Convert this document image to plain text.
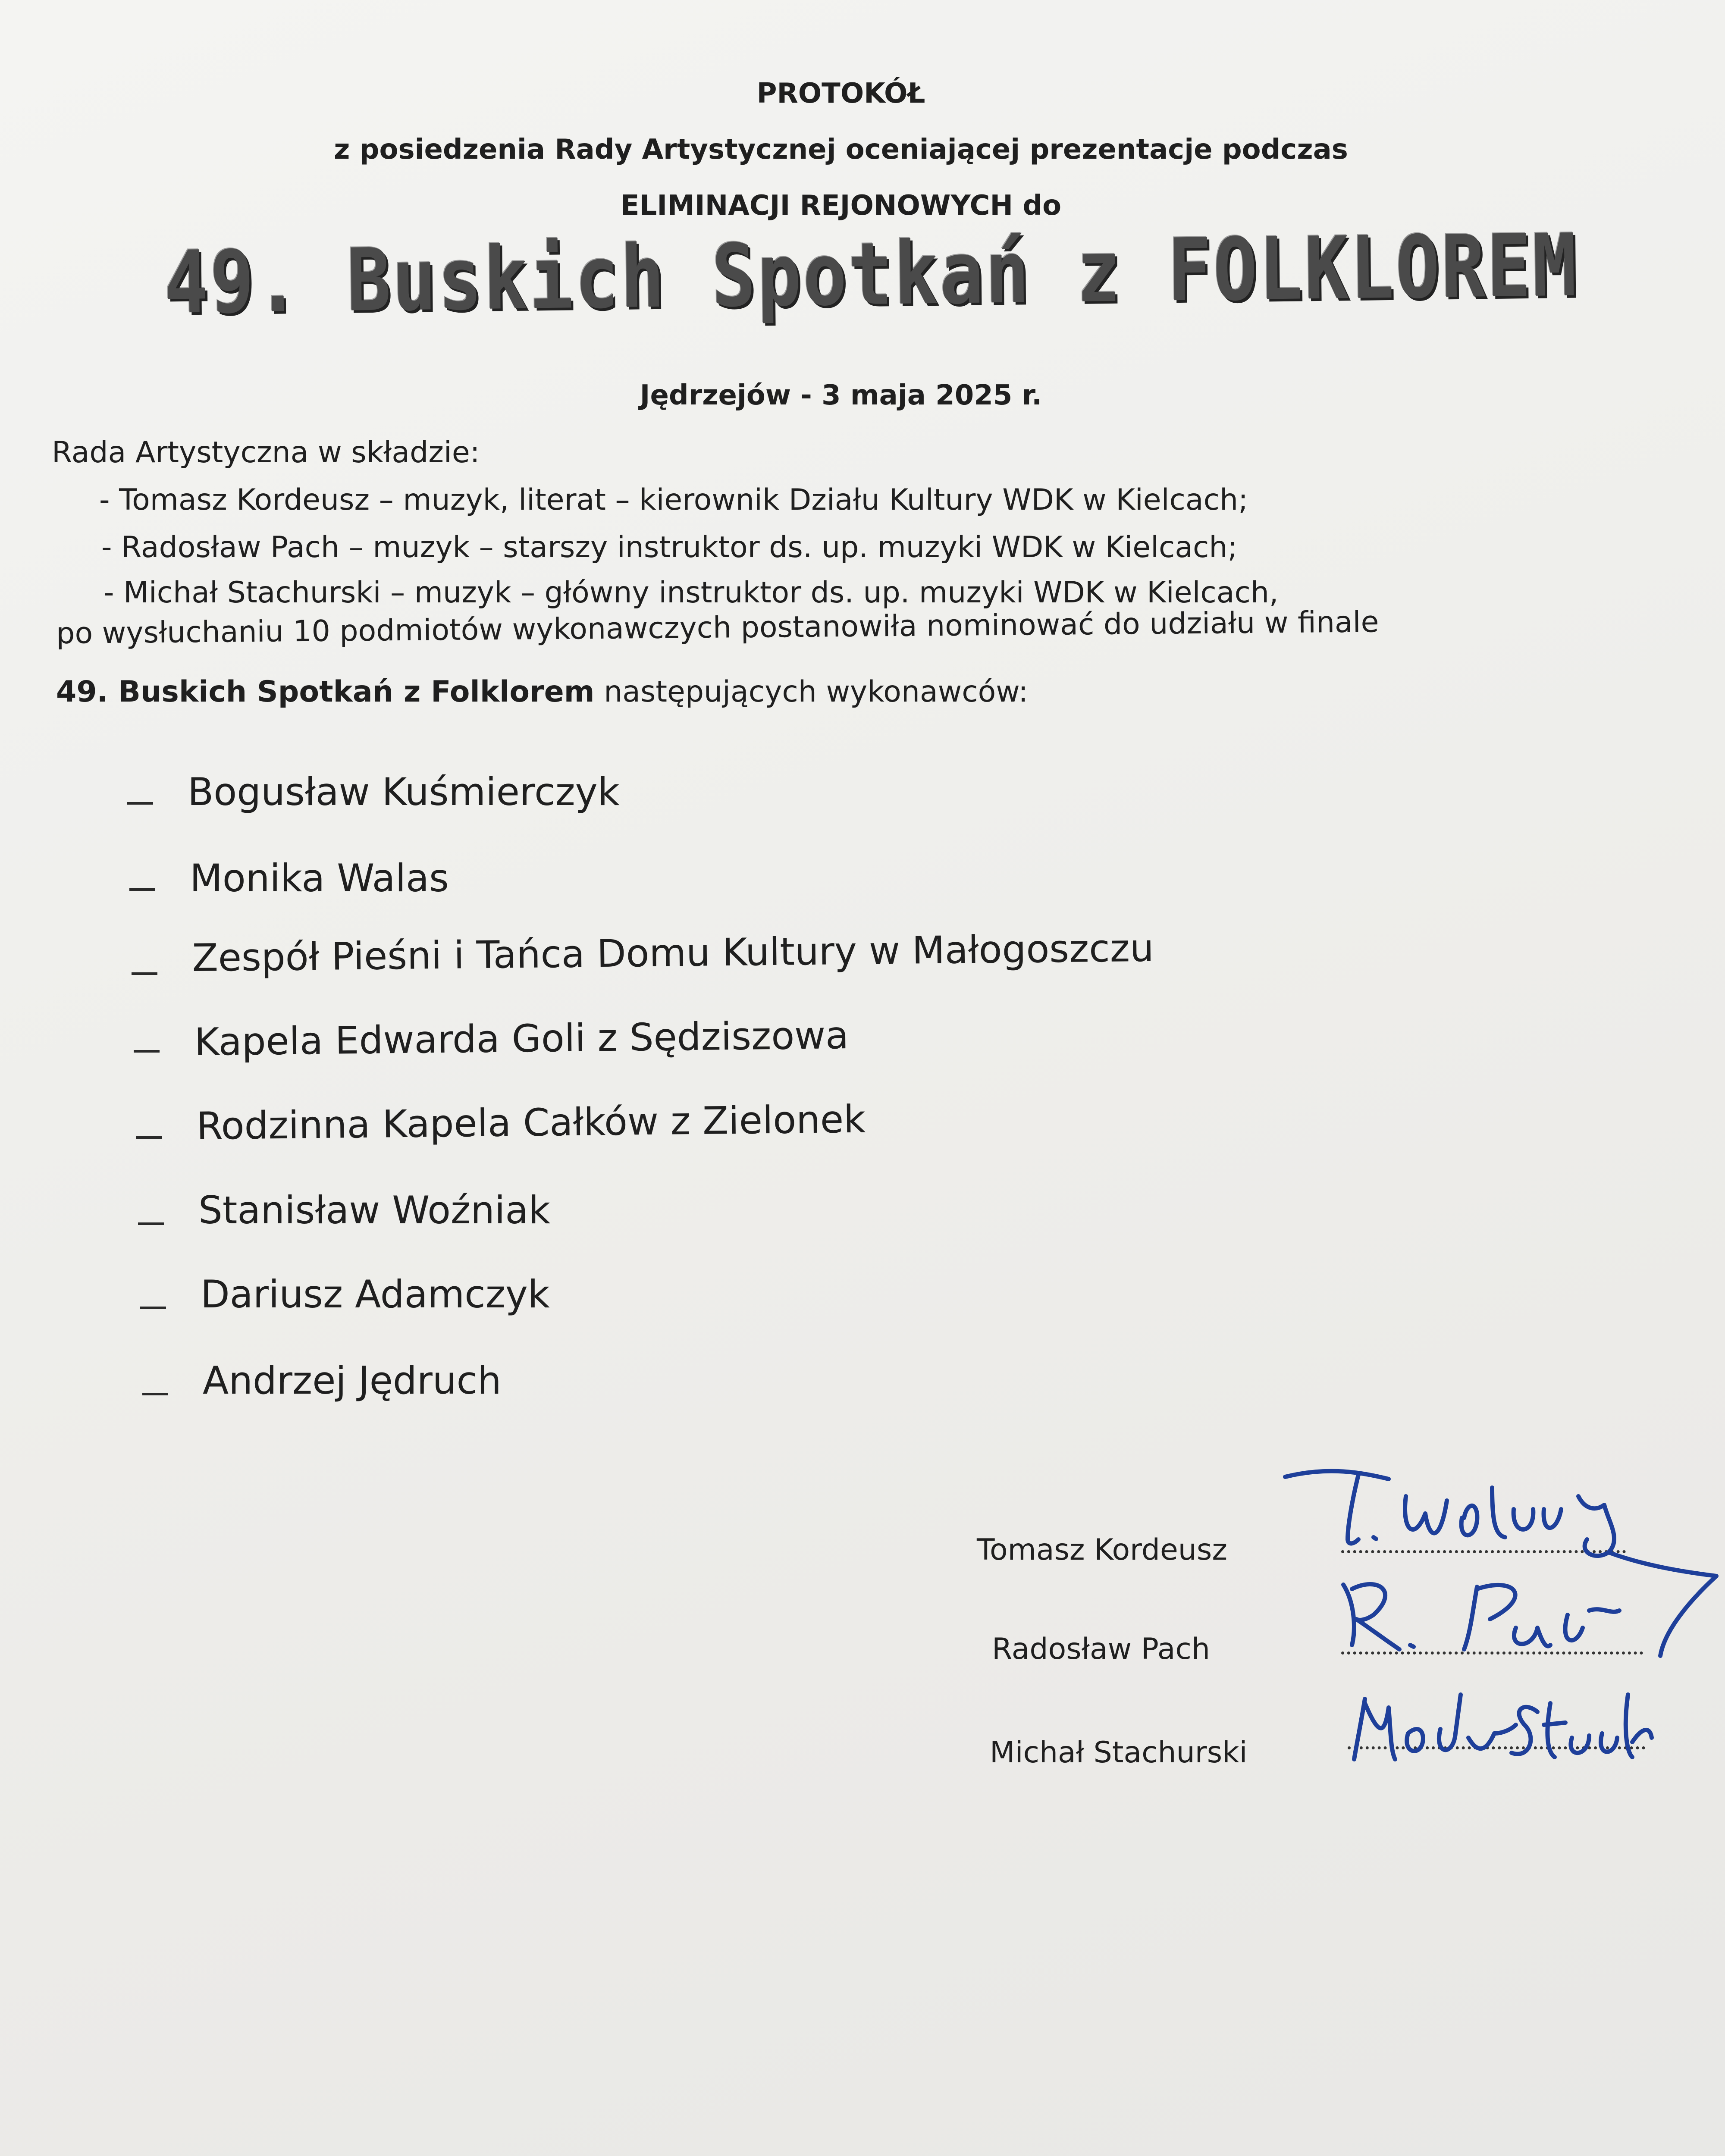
PROTOKÓŁ
z posiedzenia Rady Artystycznej oceniającej prezentacje podczas
ELIMINACJI REJONOWYCH do
49. Buskich Spotkań z FOLKLOREM
Jędrzejów - 3 maja 2025 r.
Rada Artystyczna w składzie:
- Tomasz Kordeusz – muzyk, literat – kierownik Działu Kultury WDK w Kielcach;
- Radosław Pach – muzyk – starszy instruktor ds. up. muzyki WDK w Kielcach;
- Michał Stachurski – muzyk – główny instruktor ds. up. muzyki WDK w Kielcach,
po wysłuchaniu 10 podmiotów wykonawczych postanowiła nominować do udziału w finale
49. Buskich Spotkań z Folklorem następujących wykonawców:
Bogusław Kuśmierczyk
Monika Walas
Zespół Pieśni i Tańca Domu Kultury w Małogoszczu
Kapela Edwarda Goli z Sędziszowa
Rodzinna Kapela Całków z Zielonek
Stanisław Woźniak
Dariusz Adamczyk
Andrzej Jędruch
Tomasz Kordeusz
Radosław Pach
Michał Stachurski
